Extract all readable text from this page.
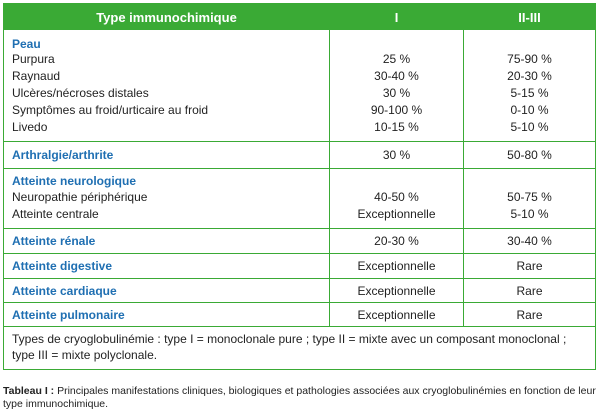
Type immunochimique	I	II-III
Peau
Purpura	25 %	75-90 %
Raynaud	30-40 %	20-30 %
Ulcères/nécroses distales	30 %	5-15 %
Symptômes au froid/urticaire au froid	90-100 %	0-10 %
Livedo	10-15 %	5-10 %
Arthralgie/arthrite	30 %	50-80 %
Atteinte neurologique
Neuropathie périphérique	40-50 %	50-75 %
Atteinte centrale	Exceptionnelle	5-10 %
Atteinte rénale	20-30 %	30-40 %
Atteinte digestive	Exceptionnelle	Rare
Atteinte cardiaque	Exceptionnelle	Rare
Atteinte pulmonaire	Exceptionnelle	Rare
Types de cryoglobulinémie : type I = monoclonale pure ; type II = mixte avec un composant monoclonal ; type III = mixte polyclonale.
Tableau I : Principales manifestations cliniques, biologiques et pathologies associées aux cryoglobulinémies en fonction de leur type immunochimique.
